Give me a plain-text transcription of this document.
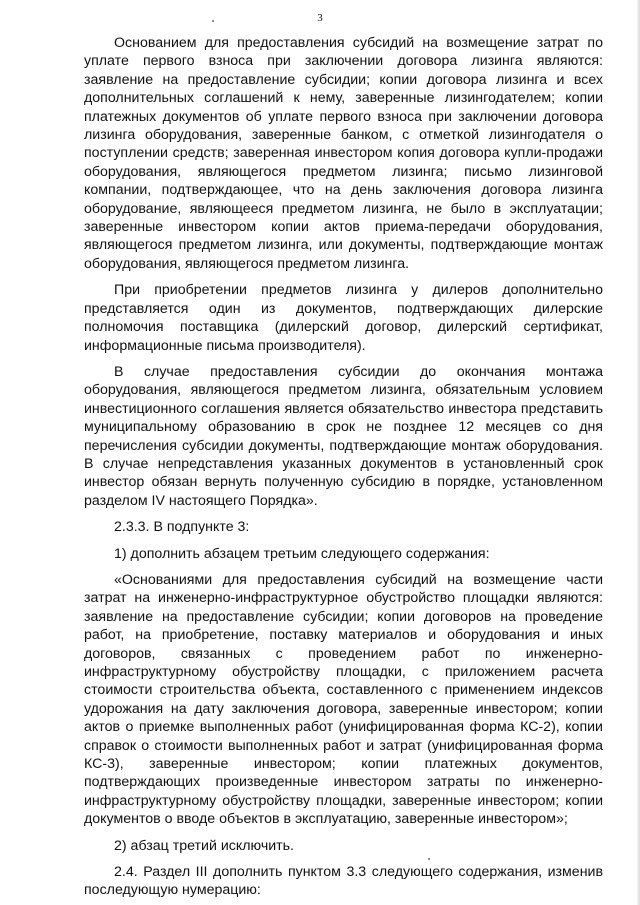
3

Основанием для предоставления субсидий на возмещение затрат по уплате первого взноса при заключении договора лизинга являются: заявление на предоставление субсидии; копии договора лизинга и всех дополнительных соглашений к нему, заверенные лизингодателем; копии платежных документов об уплате первого взноса при заключении договора лизинга оборудования, заверенные банком, с отметкой лизингодателя о поступлении средств; заверенная инвестором копия договора купли-продажи оборудования, являющегося предметом лизинга; письмо лизинговой компании, подтверждающее, что на день заключения договора лизинга оборудование, являющееся предметом лизинга, не было в эксплуатации; заверенные инвестором копии актов приема-передачи оборудования, являющегося предметом лизинга, или документы, подтверждающие монтаж оборудования, являющегося предметом лизинга.

При приобретении предметов лизинга у дилеров дополнительно представляется один из документов, подтверждающих дилерские полномочия поставщика (дилерский договор, дилерский сертификат, информационные письма производителя).

В случае предоставления субсидии до окончания монтажа оборудования, являющегося предметом лизинга, обязательным условием инвестиционного соглашения является обязательство инвестора представить муниципальному образованию в срок не позднее 12 месяцев со дня перечисления субсидии документы, подтверждающие монтаж оборудования. В случае непредставления указанных документов в установленный срок инвестор обязан вернуть полученную субсидию в порядке, установленном разделом IV настоящего Порядка».

2.3.3. В подпункте 3:

1) дополнить абзацем третьим следующего содержания:

«Основаниями для предоставления субсидий на возмещение части затрат на инженерно-инфраструктурное обустройство площадки являются: заявление на предоставление субсидии; копии договоров на проведение работ, на приобретение, поставку материалов и оборудования и иных договоров, связанных с проведением работ по инженерно-инфраструктурному обустройству площадки, с приложением расчета стоимости строительства объекта, составленного с применением индексов удорожания на дату заключения договора, заверенные инвестором; копии актов о приемке выполненных работ (унифицированная форма КС-2), копии справок о стоимости выполненных работ и затрат (унифицированная форма КС-3), заверенные инвестором; копии платежных документов, подтверждающих произведенные инвестором затраты по инженерно-инфраструктурному обустройству площадки, заверенные инвестором; копии документов о вводе объектов в эксплуатацию, заверенные инвестором»;

2) абзац третий исключить.

2.4. Раздел III дополнить пунктом 3.3 следующего содержания, изменив последующую нумерацию:
